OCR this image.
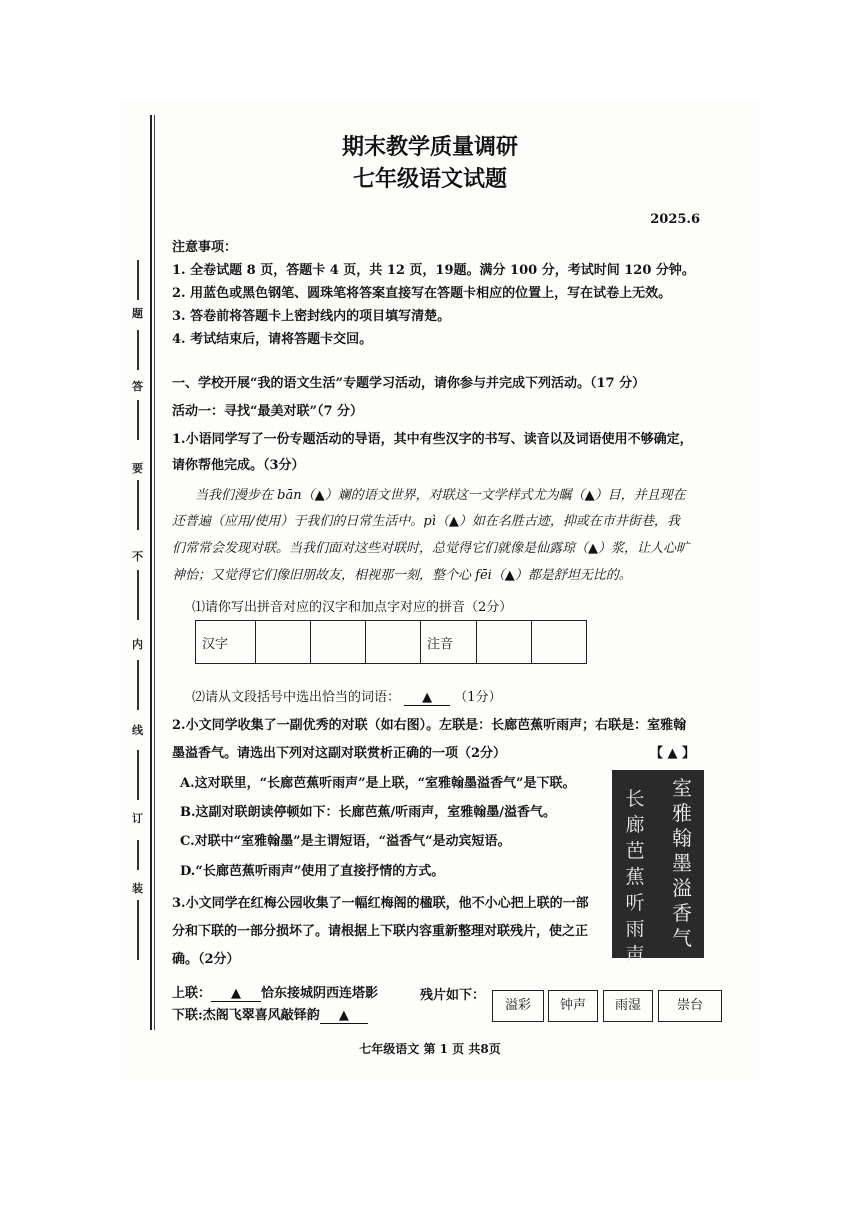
题
答
要
不
内
线
订
装
期末教学质量调研
七年级语文试题
2025.6
注意事项：
1. 全卷试题 8 页，答题卡 4 页，共 12 页，19题。满分 100 分，考试时间 120 分钟。
2. 用蓝色或黑色钢笔、圆珠笔将答案直接写在答题卡相应的位置上，写在试卷上无效。
3. 答卷前将答题卡上密封线内的项目填写清楚。
4. 考试结束后，请将答题卡交回。
一、学校开展“我的语文生活”专题学习活动，请你参与并完成下列活动。（17 分）
活动一：寻找“最美对联”（7 分）
1.小语同学写了一份专题活动的导语，其中有些汉字的书写、读音以及词语使用不够确定，
请你帮他完成。（3分）
当我们漫步在 bān（▲）斓的语文世界，对联这一文学样式尤为瞩（▲）目，并且现在
还普遍（应用/使用）于我们的日常生活中。pì（▲）如在名胜古迹，抑或在市井街巷，我
们常常会发现对联。当我们面对这些对联时，总觉得它们就像是仙露琼（▲）浆，让人心旷
神怡；又觉得它们像旧朋故友，相视那一刻，整个心 fēi（▲）都是舒坦无比的。
⑴请你写出拼音对应的汉字和加点字对应的拼音（2分）
汉字				注音		
⑵请从文段括号中选出恰当的词语： ▲ （1分）
2.小文同学收集了一副优秀的对联（如右图）。左联是：长廊芭蕉听雨声；右联是：室雅翰
墨溢香气。请选出下列对这副对联赏析正确的一项（2分）	【 ▲ 】
A.这对联里，“长廊芭蕉听雨声”是上联，“室雅翰墨溢香气”是下联。
B.这副对联朗读停顿如下：长廊芭蕉/听雨声，室雅翰墨/溢香气。
C.对联中“室雅翰墨”是主谓短语，“溢香气”是动宾短语。
D.“长廊芭蕉听雨声”使用了直接抒情的方式。
室雅翰墨溢香气
长廊芭蕉听雨声
3.小文同学在红梅公园收集了一幅红梅阁的楹联，他不小心把上联的一部
分和下联的一部分损坏了。请根据上下联内容重新整理对联残片，使之正
确。（2分）
上联： ▲ 恰东接城阴西连塔影
下联:杰阁飞翠喜风敲铎韵 ▲
残片如下：
溢彩	钟声	雨湿	崇台
七年级语文 第 1 页 共8页
